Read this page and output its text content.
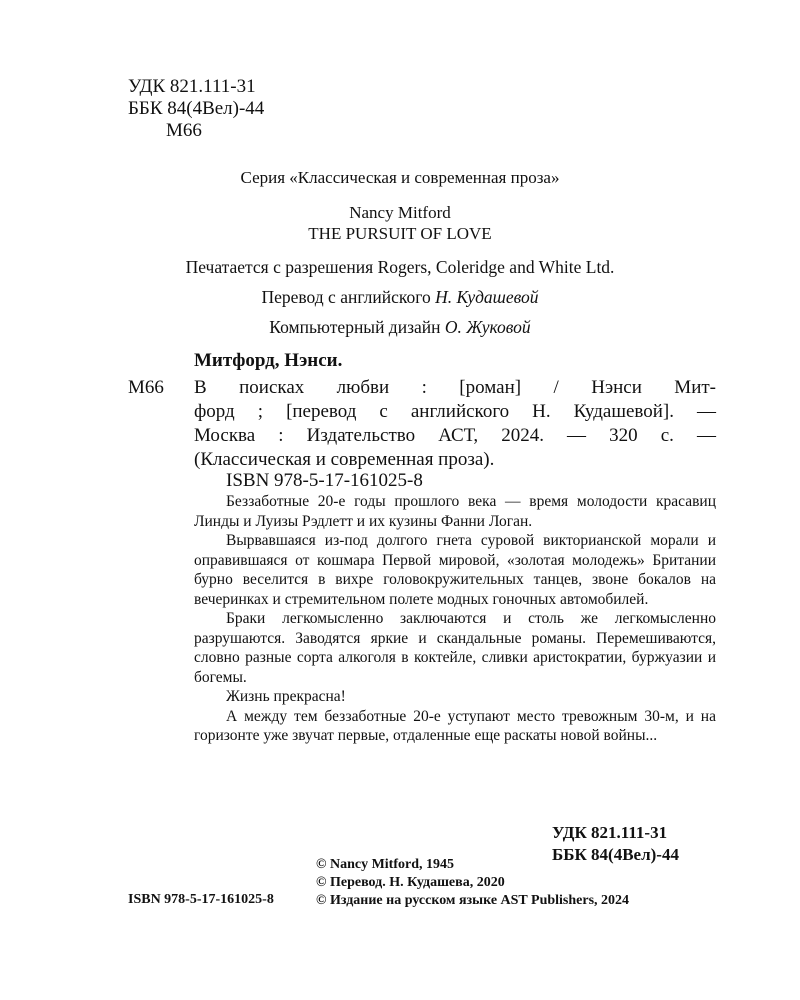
УДК 821.111-31
ББК 84(4Вел)-44
М66
Серия «Классическая и современная проза»
Nancy Mitford
THE PURSUIT OF LOVE
Печатается с разрешения Rogers, Coleridge and White Ltd.
Перевод с английского Н. Кудашевой
Компьютерный дизайн О. Жуковой
Митфорд, Нэнси.
М66 В поисках любви : [роман] / Нэнси Мит-
форд ; [перевод с английского Н. Кудашевой]. —
Москва : Издательство АСТ, 2024. — 320 с. —
(Классическая и современная проза).
ISBN 978-5-17-161025-8

Беззаботные 20-е годы прошлого века — время молодости красавиц Линды и Луизы Рэдлетт и их кузины Фанни Логан.

Вырвавшаяся из-под долгого гнета суровой викторианской морали и оправившаяся от кошмара Первой мировой, «золотая молодежь» Британии бурно веселится в вихре головокружительных танцев, звоне бокалов на вечеринках и стремительном полете модных гоночных автомобилей.

Браки легкомысленно заключаются и столь же легкомысленно разрушаются. Заводятся яркие и скандальные романы. Перемешиваются, словно разные сорта алкоголя в коктейле, сливки аристократии, буржуазии и богемы.

Жизнь прекрасна!

А между тем беззаботные 20-е уступают место тревожным 30-м, и на горизонте уже звучат первые, отдаленные еще раскаты новой войны...

УДК 821.111-31
ББК 84(4Вел)-44
© Nancy Mitford, 1945
© Перевод. Н. Кудашева, 2020
© Издание на русском языке AST Publishers, 2024
ISBN 978-5-17-161025-8
